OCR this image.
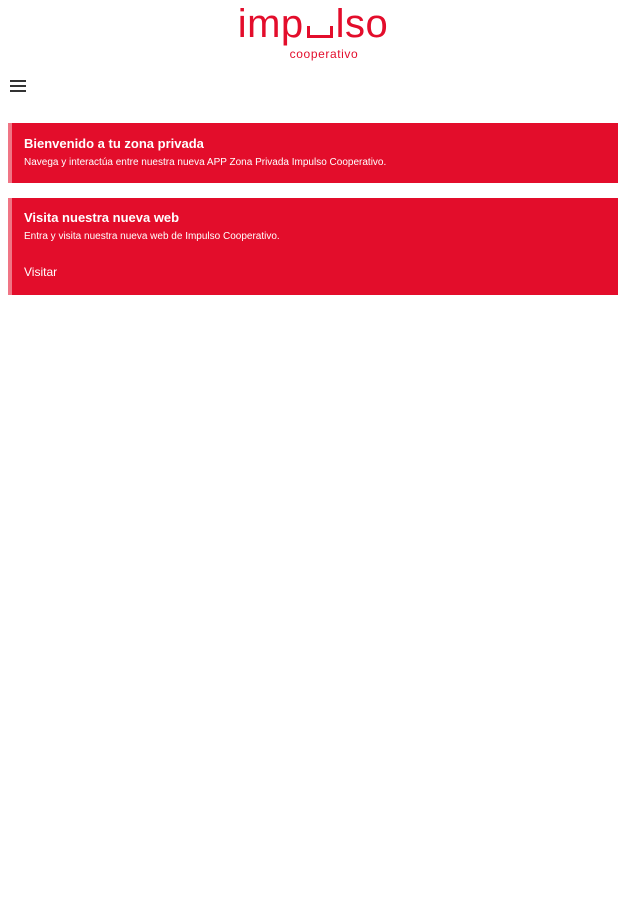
imp lso
cooperativo
Bienvenido a tu zona privada
Navega y interactúa entre nuestra nueva APP Zona Privada Impulso Cooperativo.
Visita nuestra nueva web
Entra y visita nuestra nueva web de Impulso Cooperativo.
Visitar
